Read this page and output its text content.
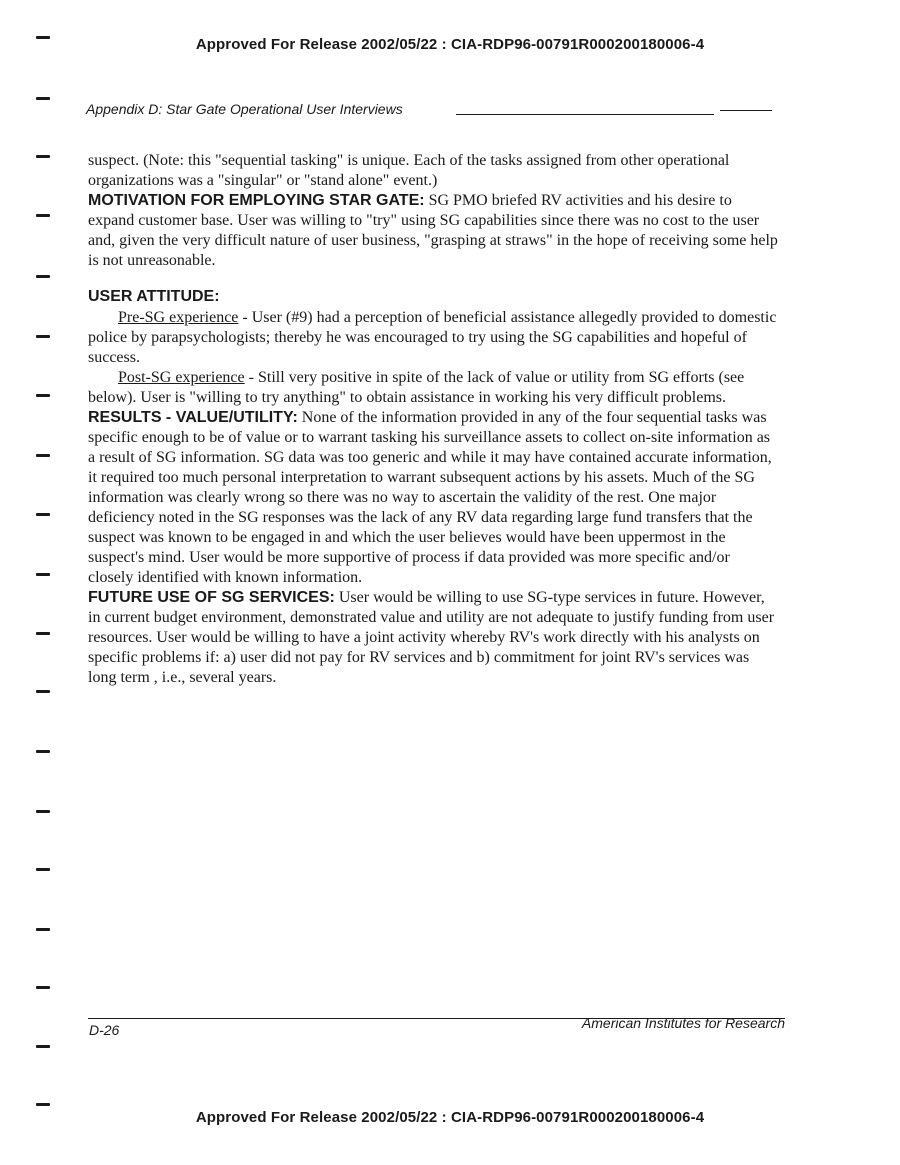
Approved For Release 2002/05/22 : CIA-RDP96-00791R000200180006-4
Appendix D: Star Gate Operational User Interviews

suspect. (Note: this "sequential tasking" is unique. Each of the tasks assigned from other operational organizations was a "singular" or "stand alone" event.)

MOTIVATION FOR EMPLOYING STAR GATE: SG PMO briefed RV activities and his desire to expand customer base. User was willing to "try" using SG capabilities since there was no cost to the user and, given the very difficult nature of user business, "grasping at straws" in the hope of receiving some help is not unreasonable.

USER ATTITUDE:

Pre-SG experience - User (#9) had a perception of beneficial assistance allegedly provided to domestic police by parapsychologists; thereby he was encouraged to try using the SG capabilities and hopeful of success.

Post-SG experience - Still very positive in spite of the lack of value or utility from SG efforts (see below). User is "willing to try anything" to obtain assistance in working his very difficult problems.

RESULTS - VALUE/UTILITY: None of the information provided in any of the four sequential tasks was specific enough to be of value or to warrant tasking his surveillance assets to collect on-site information as a result of SG information. SG data was too generic and while it may have contained accurate information, it required too much personal interpretation to warrant subsequent actions by his assets. Much of the SG information was clearly wrong so there was no way to ascertain the validity of the rest. One major deficiency noted in the SG responses was the lack of any RV data regarding large fund transfers that the suspect was known to be engaged in and which the user believes would have been uppermost in the suspect's mind. User would be more supportive of process if data provided was more specific and/or closely identified with known information.

FUTURE USE OF SG SERVICES: User would be willing to use SG-type services in future. However, in current budget environment, demonstrated value and utility are not adequate to justify funding from user resources. User would be willing to have a joint activity whereby RV's work directly with his analysts on specific problems if: a) user did not pay for RV services and b) commitment for joint RV's services was long term , i.e., several years.

D-26	American Institutes for Research
Approved For Release 2002/05/22 : CIA-RDP96-00791R000200180006-4
